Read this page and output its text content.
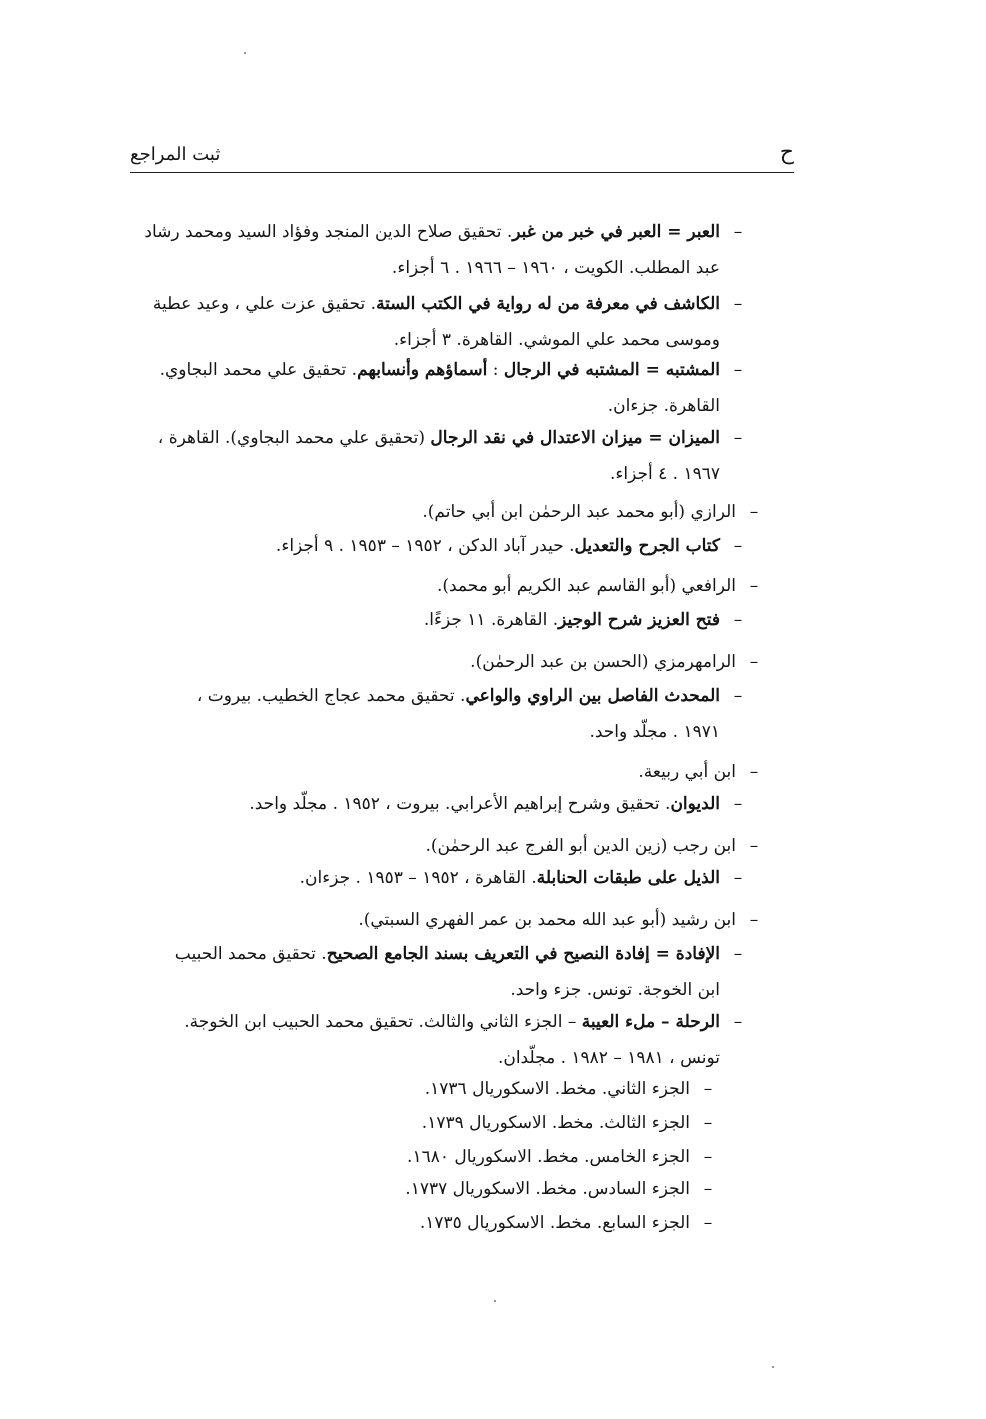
ح
ثبت المراجع
–العبر = العبر في خبر من غبر. تحقيق صلاح الدين المنجد وفؤاد السيد ومحمد رشاد
عبد المطلب. الكويت ، ١٩٦٠ – ١٩٦٦ . ٦ أجزاء.
–الكاشف في معرفة من له رواية في الكتب الستة. تحقيق عزت علي ، وعيد عطية
وموسى محمد علي الموشي. القاهرة. ٣ أجزاء.
–المشتبه = المشتبه في الرجال : أسماؤهم وأنسابهم. تحقيق علي محمد البجاوي.
القاهرة. جزءان.
–الميزان = ميزان الاعتدال في نقد الرجال (تحقيق علي محمد البجاوي). القاهرة ،
١٩٦٧ . ٤ أجزاء.
–الرازي (أبو محمد عبد الرحمٰن ابن أبي حاتم).
–كتاب الجرح والتعديل. حيدر آباد الدكن ، ١٩٥٢ – ١٩٥٣ . ٩ أجزاء.
–الرافعي (أبو القاسم عبد الكريم أبو محمد).
–فتح العزيز شرح الوجيز. القاهرة. ١١ جزءًا.
–الرامهرمزي (الحسن بن عبد الرحمٰن).
–المحدث الفاصل بين الراوي والواعي. تحقيق محمد عجاج الخطيب. بيروت ،
١٩٧١ . مجلّد واحد.
–ابن أبي ربيعة.
–الديوان. تحقيق وشرح إبراهيم الأعرابي. بيروت ، ١٩٥٢ . مجلّد واحد.
–ابن رجب (زين الدين أبو الفرج عبد الرحمٰن).
–الذيل على طبقات الحنابلة. القاهرة ، ١٩٥٢ – ١٩٥٣ . جزءان.
–ابن رشيد (أبو عبد الله محمد بن عمر الفهري السبتي).
–الإفادة = إفادة النصيح في التعريف بسند الجامع الصحيح. تحقيق محمد الحبيب
ابن الخوجة. تونس. جزء واحد.
–الرحلة – ملء العيبة – الجزء الثاني والثالث. تحقيق محمد الحبيب ابن الخوجة.
تونس ، ١٩٨١ – ١٩٨٢ . مجلّدان.
–الجزء الثاني. مخط. الاسكوريال ١٧٣٦.
–الجزء الثالث. مخط. الاسكوريال ١٧٣٩.
–الجزء الخامس. مخط. الاسكوريال ١٦٨٠.
–الجزء السادس. مخط. الاسكوريال ١٧٣٧.
–الجزء السابع. مخط. الاسكوريال ١٧٣٥.
